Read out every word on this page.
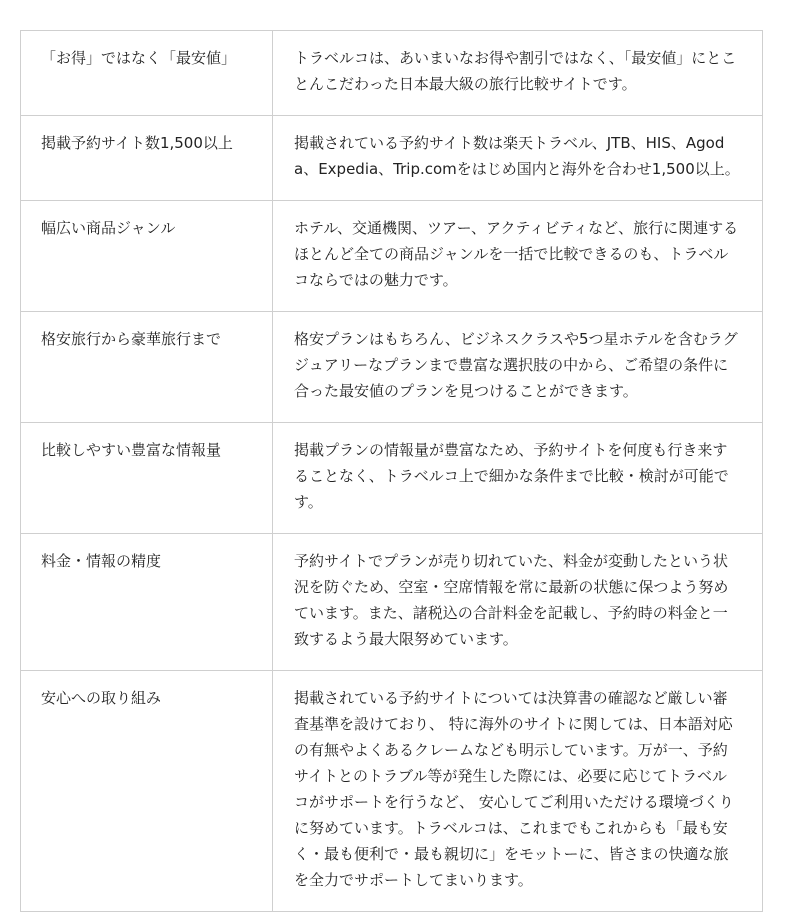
「お得」ではなく「最安値」	トラベルコは、あいまいなお得や割引ではなく、「最安値」にとことんこだわった日本最大級の旅行比較サイトです。
掲載予約サイト数1,500以上	掲載されている予約サイト数は楽天トラベル、JTB、HIS、Agoda、Expedia、Trip.comをはじめ国内と海外を合わせ1,500以上。
幅広い商品ジャンル	ホテル、交通機関、ツアー、アクティビティなど、旅行に関連するほとんど全ての商品ジャンルを一括で比較できるのも、トラベルコならではの魅力です。
格安旅行から豪華旅行まで	格安プランはもちろん、ビジネスクラスや5つ星ホテルを含むラグジュアリーなプランまで豊富な選択肢の中から、ご希望の条件に合った最安値のプランを見つけることができます。
比較しやすい豊富な情報量	掲載プランの情報量が豊富なため、予約サイトを何度も行き来することなく、トラベルコ上で細かな条件まで比較・検討が可能です。
料金・情報の精度	予約サイトでプランが売り切れていた、料金が変動したという状況を防ぐため、空室・空席情報を常に最新の状態に保つよう努めています。また、諸税込の合計料金を記載し、予約時の料金と一致するよう最大限努めています。
安心への取り組み	掲載されている予約サイトについては決算書の確認など厳しい審査基準を設けており、 特に海外のサイトに関しては、日本語対応の有無やよくあるクレームなども明示しています。万が一、予約サイトとのトラブル等が発生した際には、必要に応じてトラベルコがサポートを行うなど、 安心してご利用いただける環境づくりに努めています。トラベルコは、これまでもこれからも「最も安く・最も便利で・最も親切に」をモットーに、皆さまの快適な旅を全力でサポートしてまいります。
